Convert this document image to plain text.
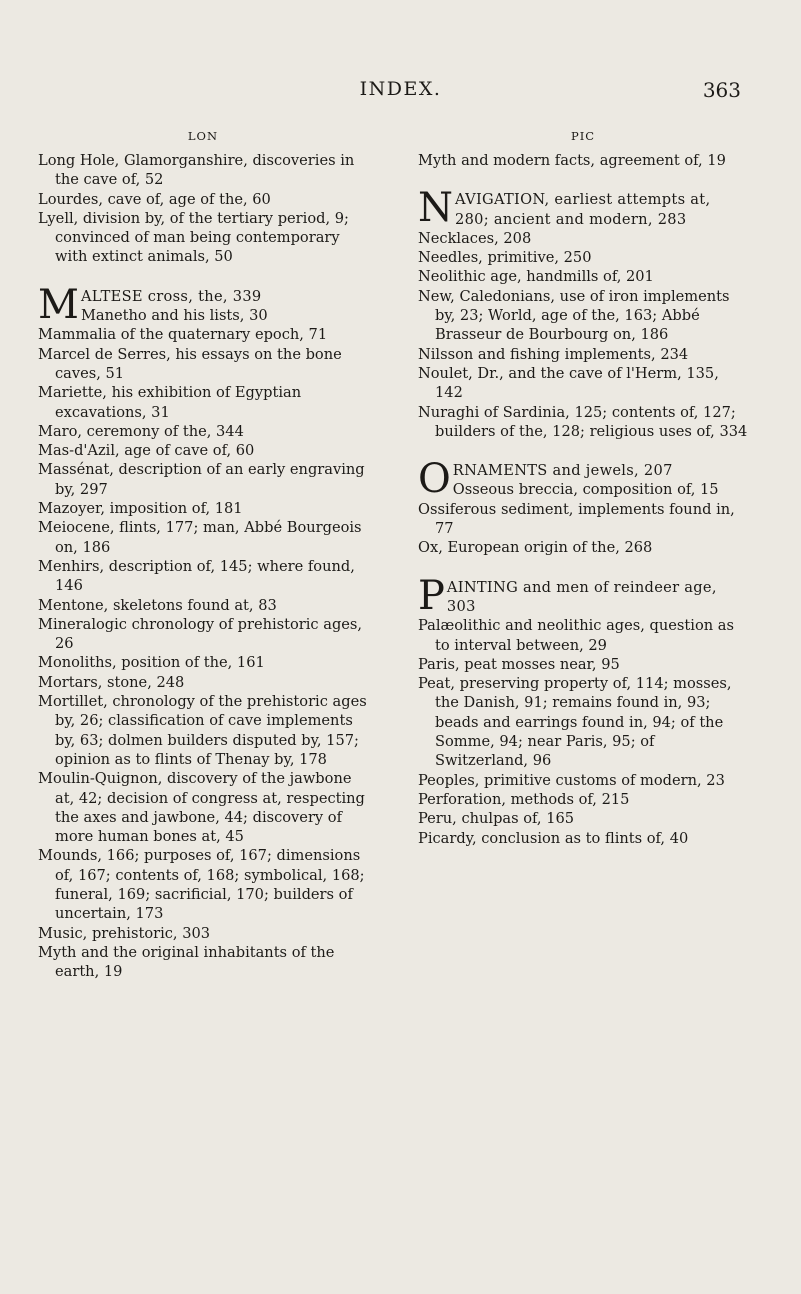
INDEX.	363
LON
Long Hole, Glamorganshire, discoveries in the cave of, 52
Lourdes, cave of, age of the, 60
Lyell, division by, of the tertiary period, 9; convinced of man being contemporary with extinct animals, 50
M ALTESE cross, the, 339
Manetho and his lists, 30
Mammalia of the quaternary epoch, 71
Marcel de Serres, his essays on the bone caves, 51
Mariette, his exhibition of Egyptian excavations, 31
Maro, ceremony of the, 344
Mas-d'Azil, age of cave of, 60
Massénat, description of an early engraving by, 297
Mazoyer, imposition of, 181
Meiocene, flints, 177; man, Abbé Bourgeois on, 186
Menhirs, description of, 145; where found, 146
Mentone, skeletons found at, 83
Mineralogic chronology of prehistoric ages, 26
Monoliths, position of the, 161
Mortars, stone, 248
Mortillet, chronology of the prehistoric ages by, 26; classification of cave implements by, 63; dolmen builders disputed by, 157; opinion as to flints of Thenay by, 178
Moulin-Quignon, discovery of the jawbone at, 42; decision of congress at, respecting the axes and jawbone, 44; discovery of more human bones at, 45
Mounds, 166; purposes of, 167; dimensions of, 167; contents of, 168; symbolical, 168; funeral, 169; sacrificial, 170; builders of uncertain, 173
Music, prehistoric, 303
Myth and the original inhabitants of the earth, 19
PIC
Myth and modern facts, agreement of, 19
N AVIGATION, earliest attempts at, 280; ancient and modern, 283
Necklaces, 208
Needles, primitive, 250
Neolithic age, handmills of, 201
New, Caledonians, use of iron implements by, 23; World, age of the, 163; Abbé Brasseur de Bourbourg on, 186
Nilsson and fishing implements, 234
Noulet, Dr., and the cave of l'Herm, 135, 142
Nuraghi of Sardinia, 125; contents of, 127; builders of the, 128; religious uses of, 334
O RNAMENTS and jewels, 207
Osseous breccia, composition of, 15
Ossiferous sediment, implements found in, 77
Ox, European origin of the, 268
P AINTING and men of reindeer age, 303
Palæolithic and neolithic ages, question as to interval between, 29
Paris, peat mosses near, 95
Peat, preserving property of, 114; mosses, the Danish, 91; remains found in, 93; beads and earrings found in, 94; of the Somme, 94; near Paris, 95; of Switzerland, 96
Peoples, primitive customs of modern, 23
Perforation, methods of, 215
Peru, chulpas of, 165
Picardy, conclusion as to flints of, 40
